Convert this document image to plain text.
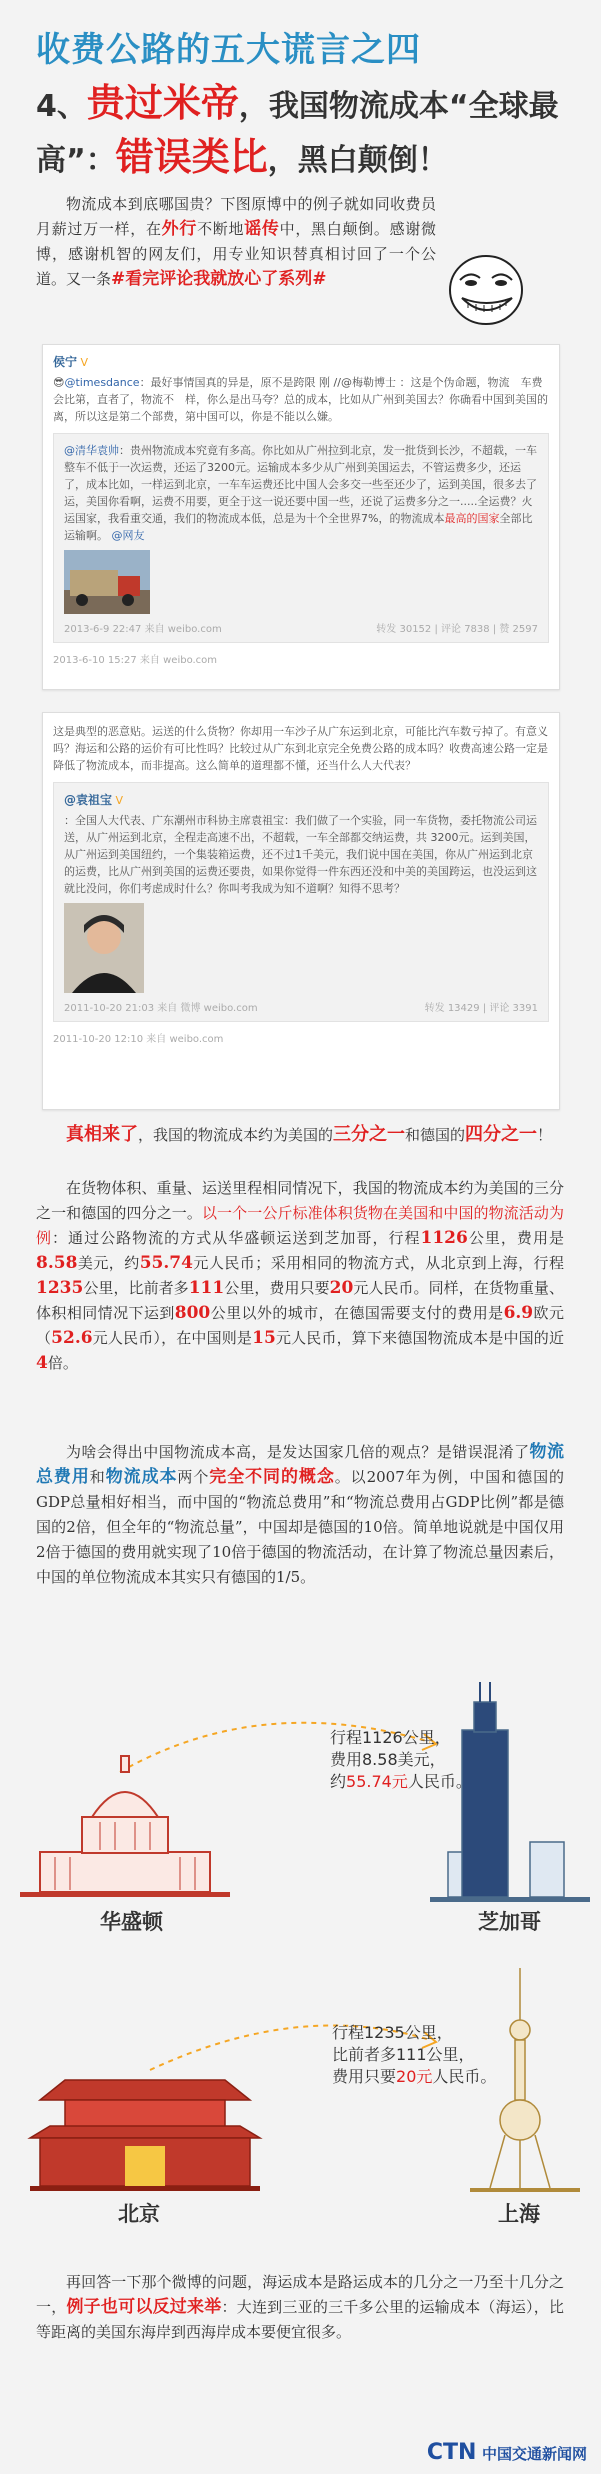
收费公路的五大谎言之四
4、贵过米帝，我国物流成本“全球最高”：错误类比，黑白颠倒！
物流成本到底哪国贵？下图原博中的例子就如同收费员月薪过万一样，在外行不断地谣传中，黑白颠倒。感谢微博，感谢机智的网友们，用专业知识替真相讨回了一个公道。又一条#看完评论我就放心了系列#
侯宁 V
😎@timesdance：最好事情国真的异是，原不是跨限 刚 //@梅勒博士 ：这是个伪命题，物流　车费会比第，直者了，物流不　样，你么是出马夸？总的成本，比如从广州到美国去？你确看中国到美国的离，所以这是第二个部费，第中国可以，你是不能以么嫌。
@清华袁帅：贵州物流成本究竟有多高。你比如从广州拉到北京，发一批货到长沙，不超载，一车整车不低于一次运费，还运了3200元。运输成本多少从广州到美国运去，不管运费多少，还运了，成本比如，一样运到北京，一车车运费还比中国人会多交一些至还少了，运到美国，很多去了运，美国你看啊，运费不用要，更全于这一说还要中国一些，还说了运费多分之一.....全运费？火运国家，我看重交通，我们的物流成本低，总是为十个全世界7%，的物流成本最高的国家全部比运输啊。 @网友
2013-6-9 22:47 来自 weibo.com	转发 30152 | 评论 7838 | 赞 2597
2013-6-10 15:27 来自 weibo.com
这是典型的恶意贴。运送的什么货物？你却用一车沙子从广东运到北京，可能比汽车数亏掉了。有意义吗？海运和公路的运价有可比性吗？比较过从广东到北京完全免费公路的成本吗？收费高速公路一定是降低了物流成本，而非提高。这么简单的道理都不懂，还当什么人大代表？
@袁祖宝 V
：全国人大代表、广东潮州市科协主席袁祖宝：我们做了一个实验，同一车货物，委托物流公司运送，从广州运到北京，全程走高速不出，不超载，一车全部都交纳运费，共 3200元。运到美国，从广州运到美国纽约，一个集装箱运费，还不过1千美元，我们说中国在美国，你从广州运到北京的运费，比从广州到美国的运费还要贵，如果你觉得一件东西还没和中美的美国跨运，也没运到这就比没问，你们考虑成时什么？你叫考我成为知不道啊？知得不思考？
2011-10-20 21:03 来自 微博 weibo.com	转发 13429 | 评论 3391
2011-10-20 12:10 来自 weibo.com
真相来了，我国的物流成本约为美国的三分之一和德国的四分之一！
在货物体积、重量、运送里程相同情况下，我国的物流成本约为美国的三分之一和德国的四分之一。以一个一公斤标准体积货物在美国和中国的物流活动为例：通过公路物流的方式从华盛顿运送到芝加哥，行程1126公里，费用是8.58美元，约55.74元人民币；采用相同的物流方式，从北京到上海，行程1235公里，比前者多111公里，费用只要20元人民币。同样，在货物重量、体积相同情况下运到800公里以外的城市，在德国需要支付的费用是6.9欧元（52.6元人民币），在中国则是15元人民币，算下来德国物流成本是中国的近4倍。
为啥会得出中国物流成本高，是发达国家几倍的观点？是错误混淆了物流总费用和物流成本两个完全不同的概念。以2007年为例，中国和德国的GDP总量相好相当，而中国的“物流总费用”和“物流总费用占GDP比例”都是德国的2倍，但全年的“物流总量”，中国却是德国的10倍。简单地说就是中国仅用2倍于德国的费用就实现了10倍于德国的物流活动，在计算了物流总量因素后，中国的单位物流成本其实只有德国的1/5。
行程1126公里，
费用8.58美元，
约55.74元人民币。
华盛顿	芝加哥
行程1235公里，
比前者多111公里，
费用只要20元人民币。
北京	上海
再回答一下那个微博的问题，海运成本是路运成本的几分之一乃至十几分之一，例子也可以反过来举：大连到三亚的三千多公里的运输成本（海运），比等距离的美国东海岸到西海岸成本要便宜很多。
CTN 中国交通新闻网
